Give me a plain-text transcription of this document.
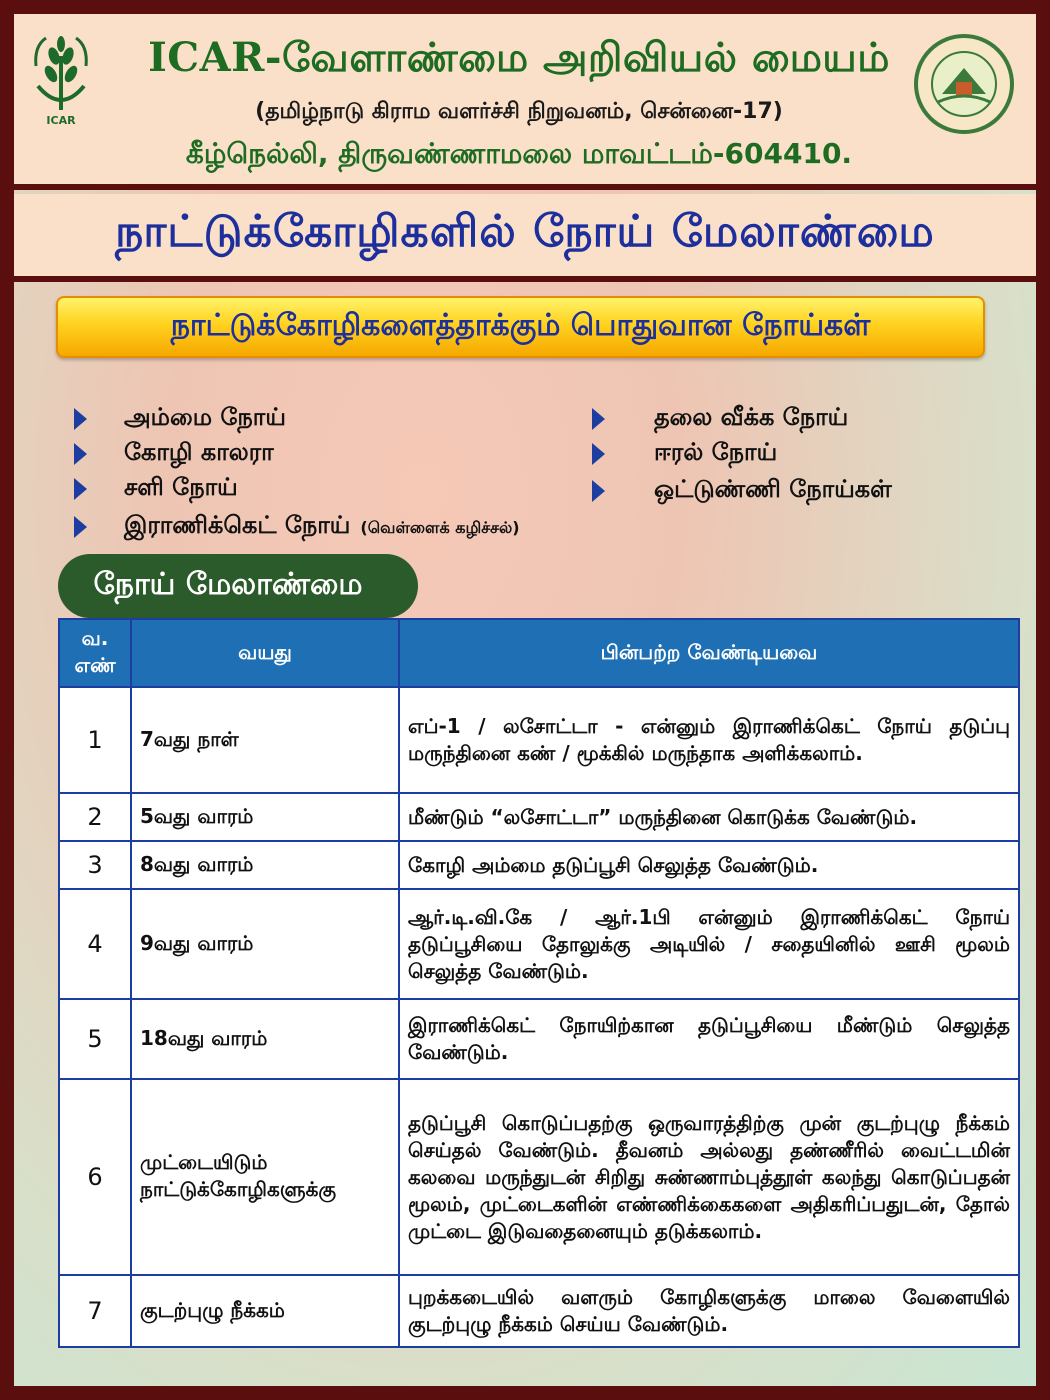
ICAR
ICAR-வேளாண்மை அறிவியல் மையம்
(தமிழ்நாடு கிராம வளர்ச்சி நிறுவனம், சென்னை-17)
கீழ்நெல்லி, திருவண்ணாமலை மாவட்டம்-604410.
நாட்டுக்கோழிகளில் நோய் மேலாண்மை
நாட்டுக்கோழிகளைத்தாக்கும் பொதுவான நோய்கள்
அம்மை நோய்
கோழி காலரா
சளி நோய்
இராணிக்கெட் நோய் (வெள்ளைக் கழிச்சல்)
தலை வீக்க நோய்
ஈரல் நோய்
ஒட்டுண்ணி நோய்கள்
நோய் மேலாண்மை
வ. எண்	வயது	பின்பற்ற வேண்டியவை
1	7வது நாள்	எப்-1 / லசோட்டா - என்னும் இராணிக்கெட் நோய் தடுப்பு மருந்தினை கண் / மூக்கில் மருந்தாக அளிக்கலாம்.
2	5வது வாரம்	மீண்டும் “லசோட்டா” மருந்தினை கொடுக்க வேண்டும்.
3	8வது வாரம்	கோழி அம்மை தடுப்பூசி செலுத்த வேண்டும்.
4	9வது வாரம்	ஆர்.டி.வி.கே / ஆர்.1பி என்னும் இராணிக்கெட் நோய் தடுப்பூசியை தோலுக்கு அடியில் / சதையினில் ஊசி மூலம் செலுத்த வேண்டும்.
5	18வது வாரம்	இராணிக்கெட் நோயிற்கான தடுப்பூசியை மீண்டும் செலுத்த வேண்டும்.
6	முட்டையிடும் நாட்டுக்கோழிகளுக்கு	தடுப்பூசி கொடுப்பதற்கு ஒருவாரத்திற்கு முன் குடற்புழு நீக்கம் செய்தல் வேண்டும். தீவனம் அல்லது தண்ணீரில் வைட்டமின் கலவை மருந்துடன் சிறிது சுண்ணாம்புத்தூள் கலந்து கொடுப்பதன் மூலம், முட்டைகளின் எண்ணிக்கைகளை அதிகரிப்பதுடன், தோல் முட்டை இடுவதைனையும் தடுக்கலாம்.
7	குடற்புழு நீக்கம்	புறக்கடையில் வளரும் கோழிகளுக்கு மாலை வேளையில் குடற்புழு நீக்கம் செய்ய வேண்டும்.
